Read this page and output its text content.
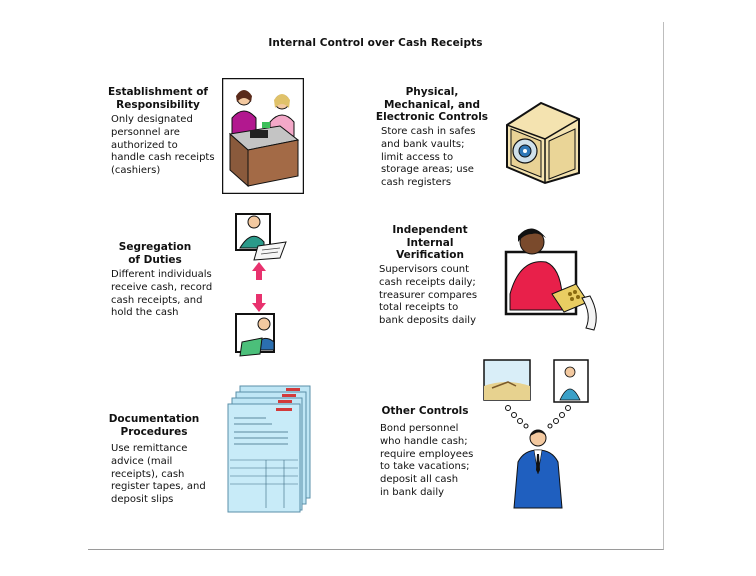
Internal Control over Cash Receipts
Establishment of
Responsibility
Only designated
personnel are
authorized to
handle cash receipts
(cashiers)
Physical,
Mechanical, and
Electronic Controls
Store cash in safes
and bank vaults;
limit access to
storage areas; use
cash registers
Segregation
of Duties
Different individuals
receive cash, record
cash receipts, and
hold the cash
Independent
Internal
Verification
Supervisors count
cash receipts daily;
treasurer compares
total receipts to
bank deposits daily
Documentation
Procedures
Use remittance
advice (mail
receipts), cash
register tapes, and
deposit slips
Other Controls
Bond personnel
who handle cash;
require employees
to take vacations;
deposit all cash
in bank daily
